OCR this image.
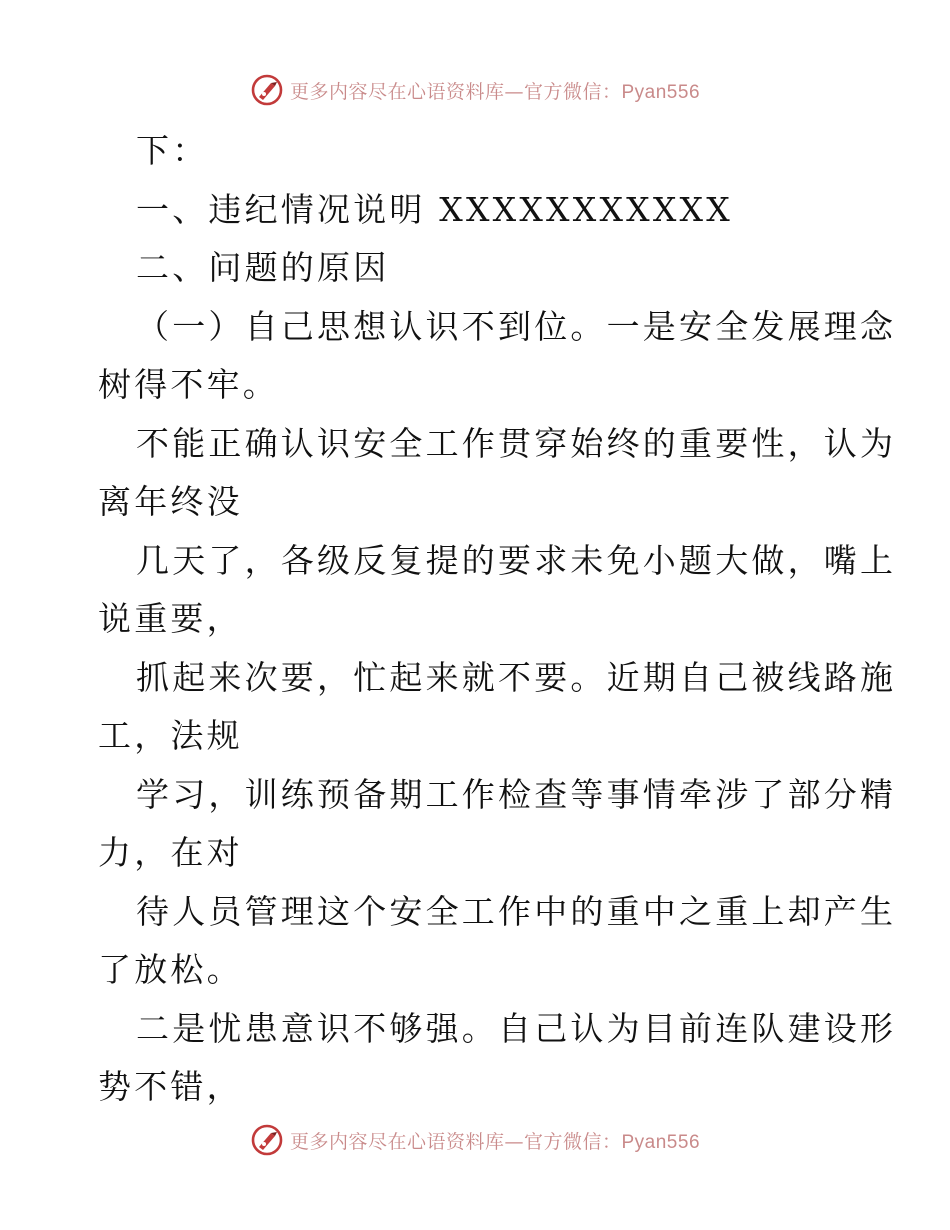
更多内容尽在心语资料库—官方微信：Pyan556
下：
一、违纪情况说明 XXXXXXXXXXX
二、问题的原因
（一）自己思想认识不到位。一是安全发展理念
树得不牢。
不能正确认识安全工作贯穿始终的重要性，认为
离年终没
几天了，各级反复提的要求未免小题大做，嘴上
说重要，
抓起来次要，忙起来就不要。近期自己被线路施
工，法规
学习，训练预备期工作检查等事情牵涉了部分精
力，在对
待人员管理这个安全工作中的重中之重上却产生
了放松。
二是忧患意识不够强。自己认为目前连队建设形
势不错，
更多内容尽在心语资料库—官方微信：Pyan556
